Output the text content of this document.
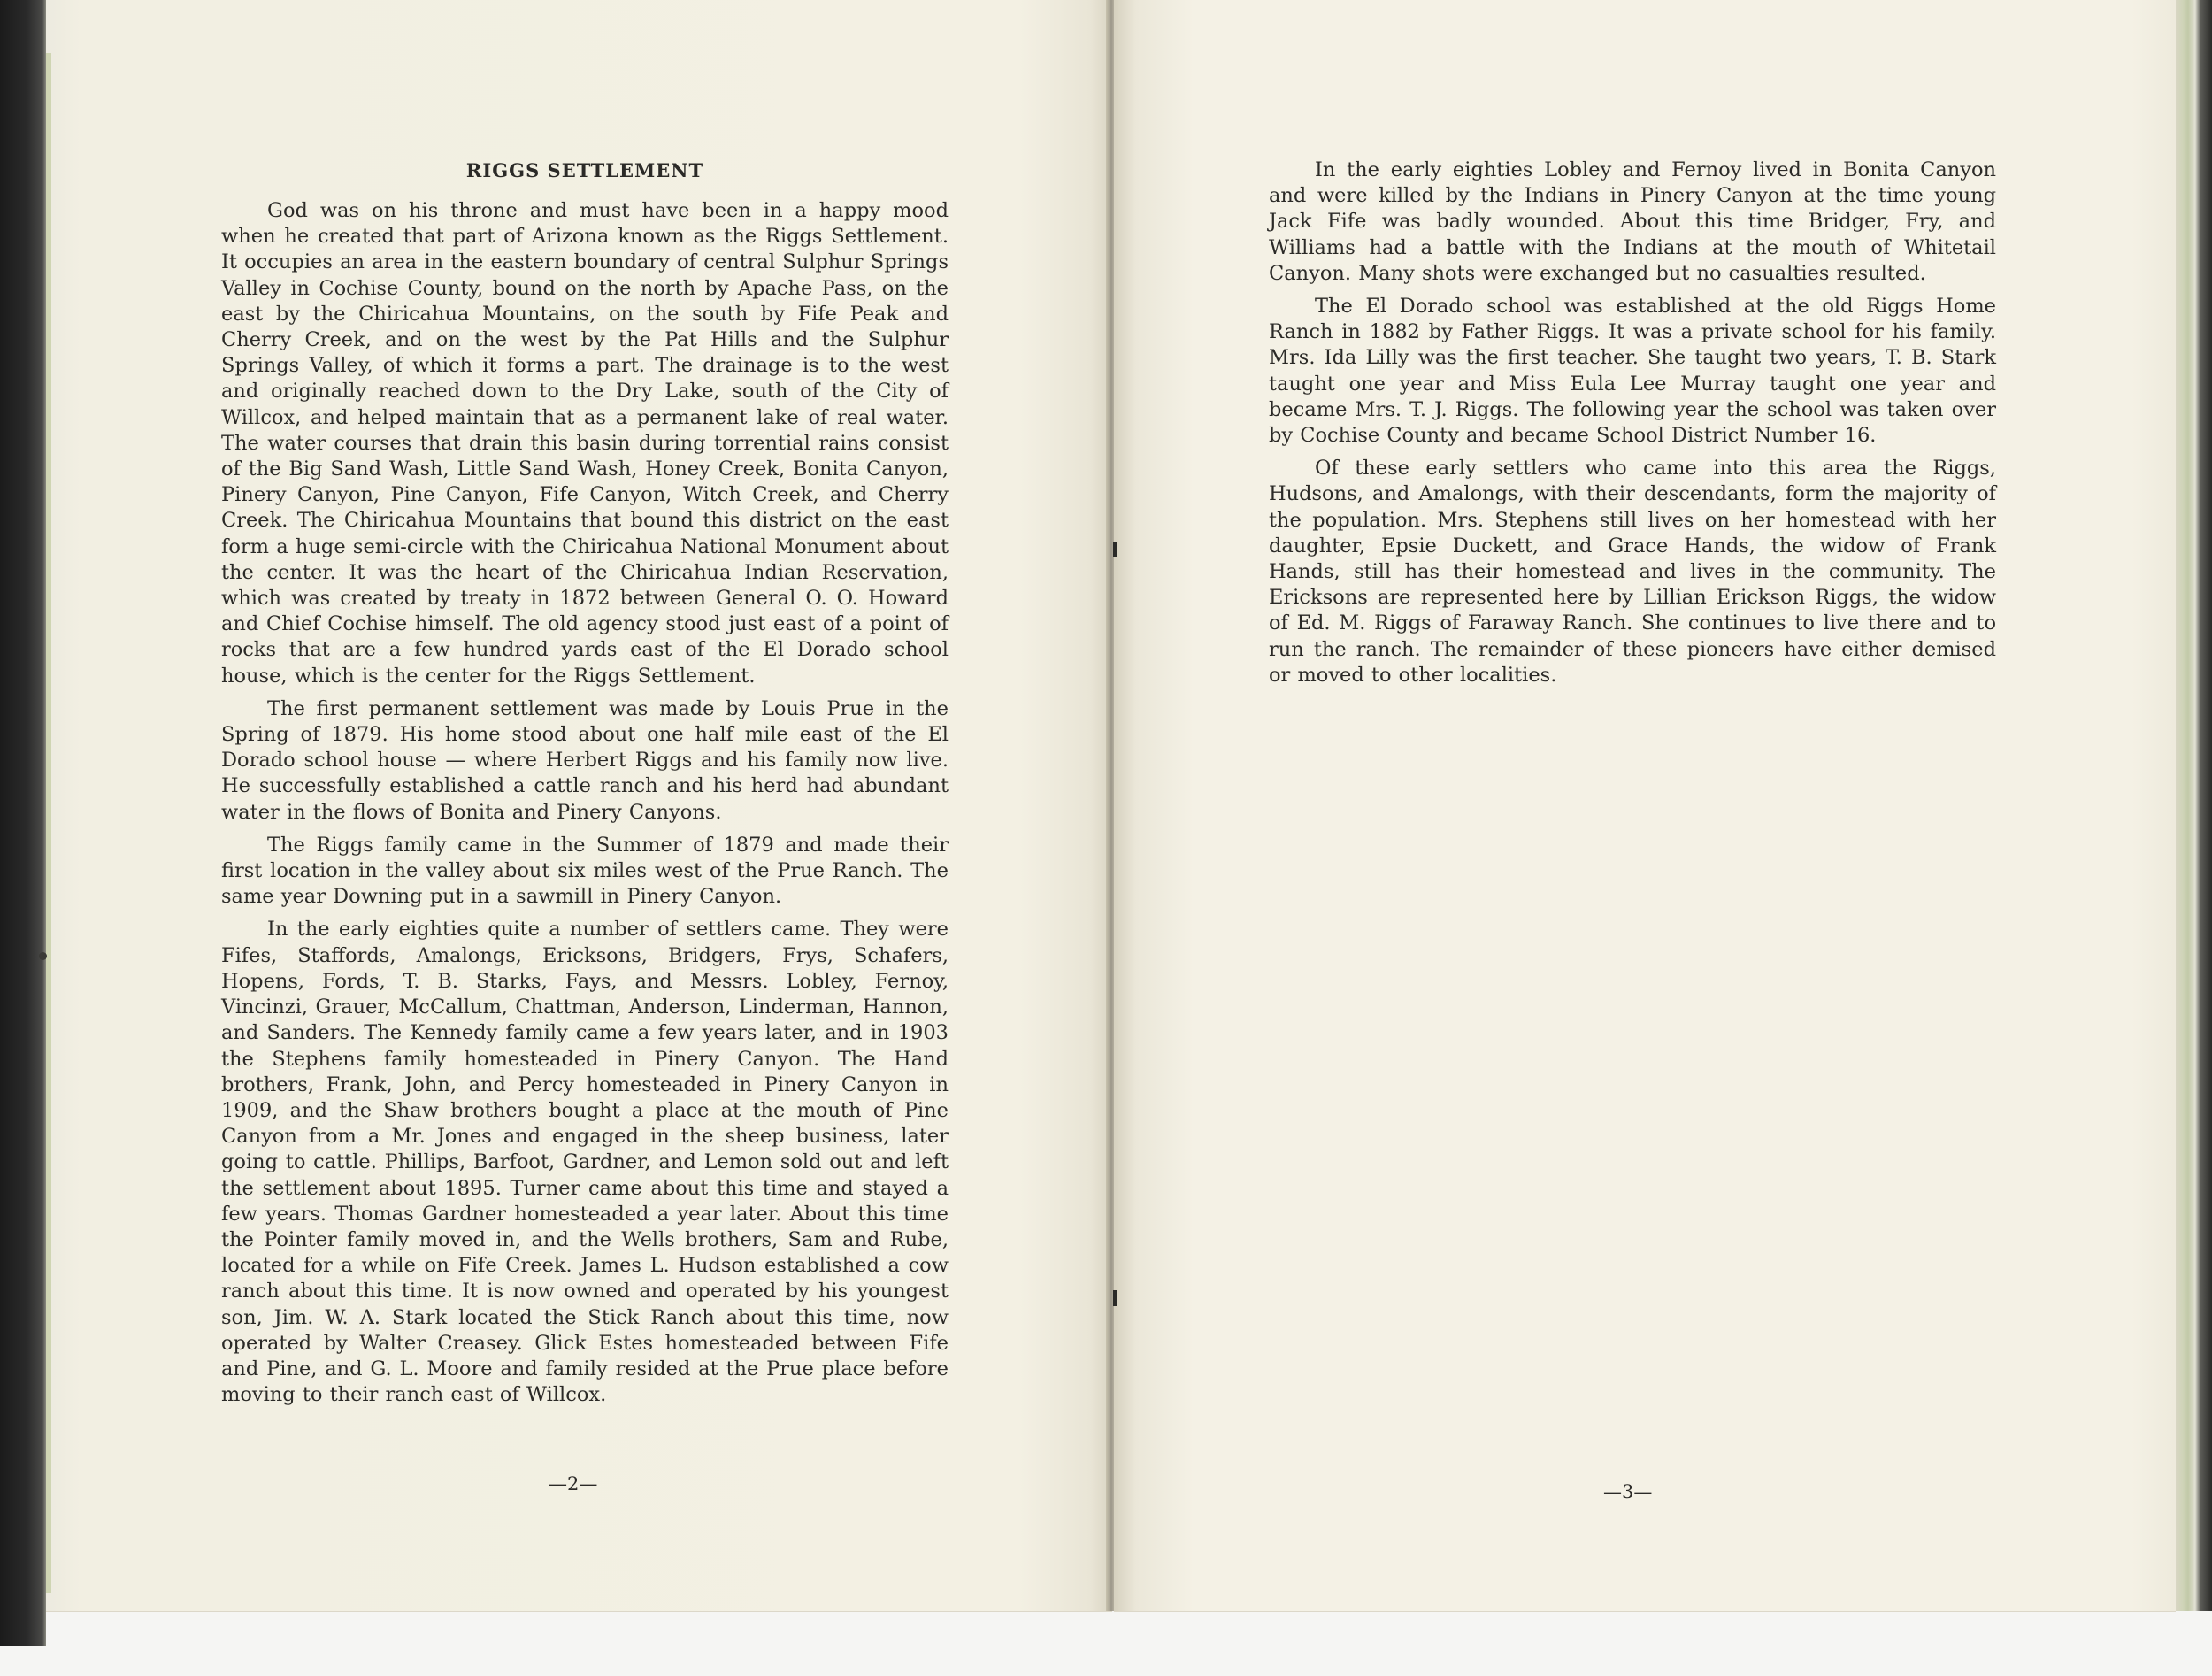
RIGGS SETTLEMENT

God was on his throne and must have been in a happy mood when he created that part of Arizona known as the Riggs Settlement. It occupies an area in the eastern boundary of central Sulphur Springs Valley in Cochise County, bound on the north by Apache Pass, on the east by the Chiricahua Mountains, on the south by Fife Peak and Cherry Creek, and on the west by the Pat Hills and the Sulphur Springs Valley, of which it forms a part. The drainage is to the west and originally reached down to the Dry Lake, south of the City of Willcox, and helped maintain that as a permanent lake of real water. The water courses that drain this basin during torrential rains consist of the Big Sand Wash, Little Sand Wash, Honey Creek, Bonita Canyon, Pinery Canyon, Pine Canyon, Fife Canyon, Witch Creek, and Cherry Creek. The Chiricahua Mountains that bound this district on the east form a huge semi-circle with the Chiricahua National Monument about the center. It was the heart of the Chiricahua Indian Reservation, which was created by treaty in 1872 between General O. O. Howard and Chief Cochise himself. The old agency stood just east of a point of rocks that are a few hundred yards east of the El Dorado school house, which is the center for the Riggs Settlement.

The first permanent settlement was made by Louis Prue in the Spring of 1879. His home stood about one half mile east of the El Dorado school house — where Herbert Riggs and his family now live. He successfully established a cattle ranch and his herd had abundant water in the flows of Bonita and Pinery Canyons.

The Riggs family came in the Summer of 1879 and made their first location in the valley about six miles west of the Prue Ranch. The same year Downing put in a sawmill in Pinery Canyon.

In the early eighties quite a number of settlers came. They were Fifes, Staffords, Amalongs, Ericksons, Bridgers, Frys, Schafers, Hopens, Fords, T. B. Starks, Fays, and Messrs. Lobley, Fernoy, Vincinzi, Grauer, McCallum, Chattman, Anderson, Linderman, Hannon, and Sanders. The Kennedy family came a few years later, and in 1903 the Stephens family homesteaded in Pinery Canyon. The Hand brothers, Frank, John, and Percy homesteaded in Pinery Canyon in 1909, and the Shaw brothers bought a place at the mouth of Pine Canyon from a Mr. Jones and engaged in the sheep business, later going to cattle. Phillips, Barfoot, Gardner, and Lemon sold out and left the settlement about 1895. Turner came about this time and stayed a few years. Thomas Gardner homesteaded a year later. About this time the Pointer family moved in, and the Wells brothers, Sam and Rube, located for a while on Fife Creek. James L. Hudson established a cow ranch about this time. It is now owned and operated by his youngest son, Jim. W. A. Stark located the Stick Ranch about this time, now operated by Walter Creasey. Glick Estes homesteaded between Fife and Pine, and G. L. Moore and family resided at the Prue place before moving to their ranch east of Willcox.

—2—

In the early eighties Lobley and Fernoy lived in Bonita Canyon and were killed by the Indians in Pinery Canyon at the time young Jack Fife was badly wounded. About this time Bridger, Fry, and Williams had a battle with the Indians at the mouth of Whitetail Canyon. Many shots were exchanged but no casualties resulted.

The El Dorado school was established at the old Riggs Home Ranch in 1882 by Father Riggs. It was a private school for his family. Mrs. Ida Lilly was the first teacher. She taught two years, T. B. Stark taught one year and Miss Eula Lee Murray taught one year and became Mrs. T. J. Riggs. The following year the school was taken over by Cochise County and became School District Number 16.

Of these early settlers who came into this area the Riggs, Hudsons, and Amalongs, with their descendants, form the majority of the population. Mrs. Stephens still lives on her homestead with her daughter, Epsie Duckett, and Grace Hands, the widow of Frank Hands, still has their homestead and lives in the community. The Ericksons are represented here by Lillian Erickson Riggs, the widow of Ed. M. Riggs of Faraway Ranch. She continues to live there and to run the ranch. The remainder of these pioneers have either demised or moved to other localities.

—3—
